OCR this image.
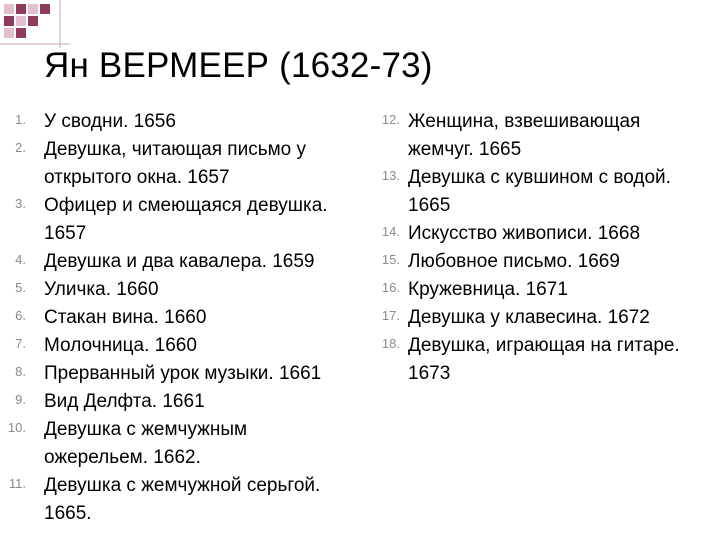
Ян ВЕРМЕЕР (1632-73)
1. У сводни. 1656
2. Девушка, читающая письмо у
открытого окна. 1657
3. Офицер и смеющаяся девушка.
1657
4. Девушка и два кавалера. 1659
5. Уличка. 1660
6. Стакан вина. 1660
7. Молочница. 1660
8. Прерванный урок музыки. 1661
9. Вид Делфта. 1661
10. Девушка с жемчужным
ожерельем. 1662.
11. Девушка с жемчужной серьгой.
1665.
12. Женщина, взвешивающая
жемчуг. 1665
13. Девушка с кувшином с водой.
1665
14. Искусство живописи. 1668
15. Любовное письмо. 1669
16. Кружевница. 1671
17. Девушка у клавесина. 1672
18. Девушка, играющая на гитаре.
1673
